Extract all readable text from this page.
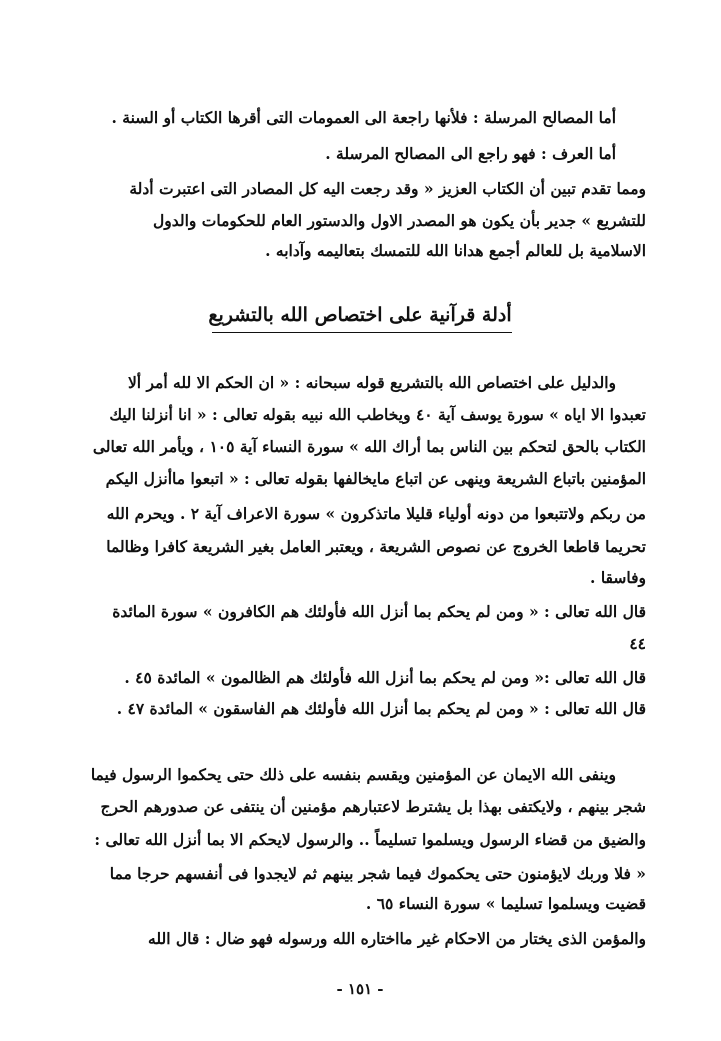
أما المصالح المرسلة : فلأنها راجعة الى العمومات التى أقرها الكتاب أو السنة .
أما العرف : فهو راجع الى المصالح المرسلة .
ومما تقدم تبين أن الكتاب العزيز « وقد رجعت اليه كل المصادر التى اعتبرت أدلة
للتشريع » جدير بأن يكون هو المصدر الاول والدستور العام للحكومات والدول
الاسلامية بل للعالم أجمع هدانا الله للتمسك بتعاليمه وآدابه .
أدلة قرآنية على اختصاص الله بالتشريع
والدليل على اختصاص الله بالتشريع قوله سبحانه : « ان الحكم الا لله أمر ألا
تعبدوا الا اياه » سورة يوسف آية ٤٠ ويخاطب الله نبيه بقوله تعالى : « انا أنزلنا اليك
الكتاب بالحق لتحكم بين الناس بما أراك الله » سورة النساء آية ١٠٥ ، ويأمر الله تعالى
المؤمنين باتباع الشريعة وينهى عن اتباع مايخالفها بقوله تعالى : « اتبعوا ماأنزل اليكم
من ربكم ولاتتبعوا من دونه أولياء قليلا ماتذكرون » سورة الاعراف آية ٢ . ويحرم الله
تحريما قاطعا الخروج عن نصوص الشريعة ، ويعتبر العامل بغير الشريعة كافرا وظالما
وفاسقا .
قال الله تعالى : « ومن لم يحكم بما أنزل الله فأولئك هم الكافرون » سورة المائدة
٤٤
قال الله تعالى :« ومن لم يحكم بما أنزل الله فأولئك هم الظالمون » المائدة ٤٥ .
قال الله تعالى : « ومن لم يحكم بما أنزل الله فأولئك هم الفاسقون » المائدة ٤٧ .
وينفى الله الايمان عن المؤمنين ويقسم بنفسه على ذلك حتى يحكموا الرسول فيما
شجر بينهم ، ولايكتفى بهذا بل يشترط لاعتبارهم مؤمنين أن ينتفى عن صدورهم الحرج
والضيق من قضاء الرسول ويسلموا تسليماً .. والرسول لايحكم الا بما أنزل الله تعالى :
« فلا وربك لايؤمنون حتى يحكموك فيما شجر بينهم ثم لايجدوا فى أنفسهم حرجا مما
قضيت ويسلموا تسليما » سورة النساء ٦٥ .
والمؤمن الذى يختار من الاحكام غير مااختاره الله ورسوله فهو ضال : قال الله
- ١٥١ -
